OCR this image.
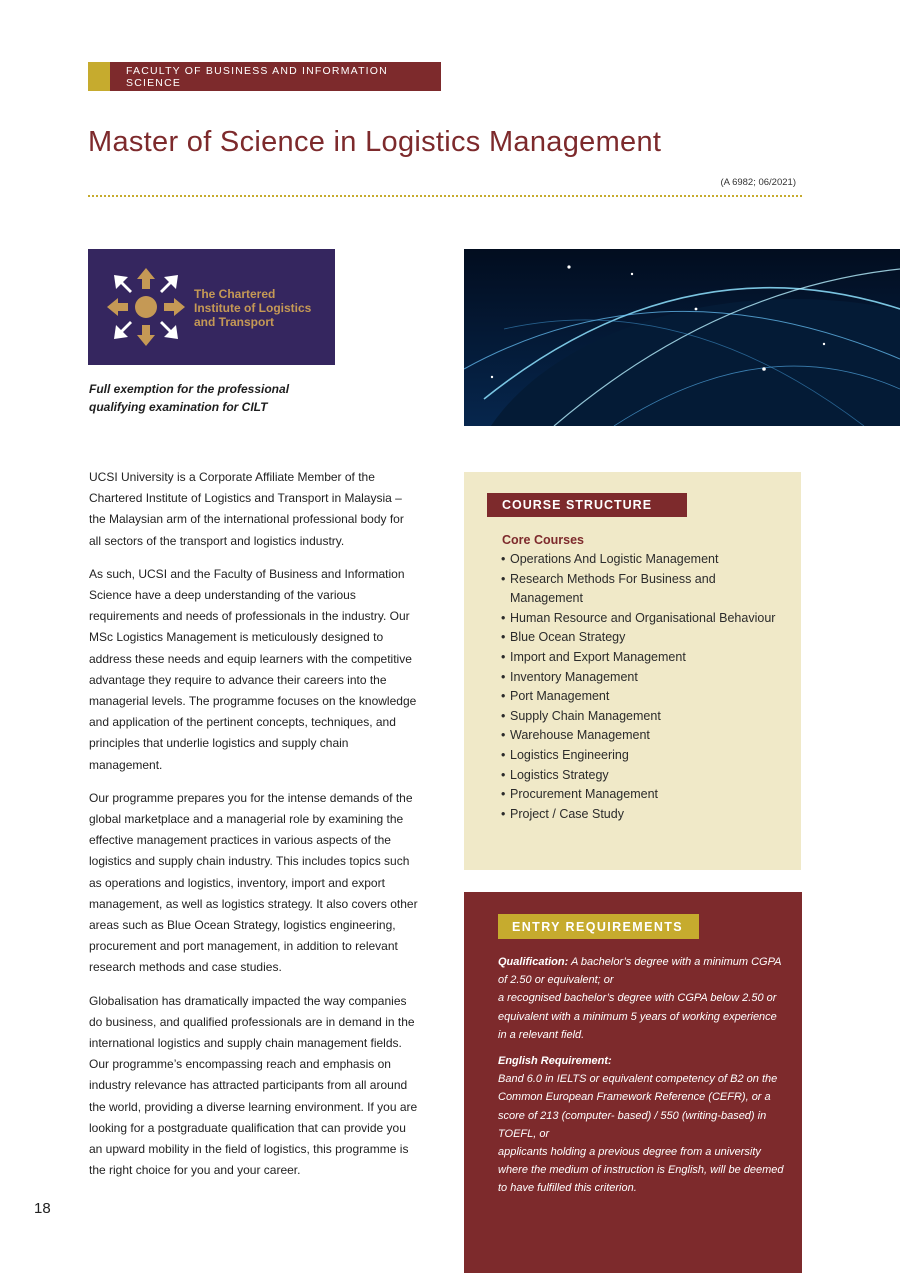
FACULTY OF BUSINESS AND INFORMATION SCIENCE
Master of Science in Logistics Management
(A 6982; 06/2021)
The Chartered
Institute of Logistics
and Transport
Full exemption for the professional
qualifying examination for CILT

UCSI University is a Corporate Affiliate Member of the Chartered Institute of Logistics and Transport in Malaysia – the Malaysian arm of the international professional body for all sectors of the transport and logistics industry.

As such, UCSI and the Faculty of Business and Information Science have a deep understanding of the various requirements and needs of professionals in the industry. Our MSc Logistics Management is meticulously designed to address these needs and equip learners with the competitive advantage they require to advance their careers into the managerial levels. The programme focuses on the knowledge and application of the pertinent concepts, techniques, and principles that underlie logistics and supply chain management.

Our programme prepares you for the intense demands of the global marketplace and a managerial role by examining the effective management practices in various aspects of the logistics and supply chain industry. This includes topics such as operations and logistics, inventory, import and export management, as well as logistics strategy. It also covers other areas such as Blue Ocean Strategy, logistics engineering, procurement and port management, in addition to relevant research methods and case studies.

Globalisation has dramatically impacted the way companies do business, and qualified professionals are in demand in the international logistics and supply chain management fields. Our programme’s encompassing reach and emphasis on industry relevance has attracted participants from all around the world, providing a diverse learning environment. If you are looking for a postgraduate qualification that can provide you an upward mobility in the field of logistics, this programme is the right choice for you and your career.

COURSE STRUCTURE
Core Courses
• Operations And Logistic Management
• Research Methods For Business and Management
• Human Resource and Organisational Behaviour
• Blue Ocean Strategy
• Import and Export Management
• Inventory Management
• Port Management
• Supply Chain Management
• Warehouse Management
• Logistics Engineering
• Logistics Strategy
• Procurement Management
• Project / Case Study
ENTRY REQUIREMENTS
Qualification: A bachelor’s degree with a minimum CGPA of 2.50 or equivalent; or
a recognised bachelor’s degree with CGPA below 2.50 or equivalent with a minimum 5 years of working experience in a relevant field.
English Requirement:
Band 6.0 in IELTS or equivalent competency of B2 on the Common European Framework Reference (CEFR), or a score of 213 (computer- based) / 550 (writing-based) in TOEFL, or
applicants holding a previous degree from a university where the medium of instruction is English, will be deemed to have fulfilled this criterion.
18
